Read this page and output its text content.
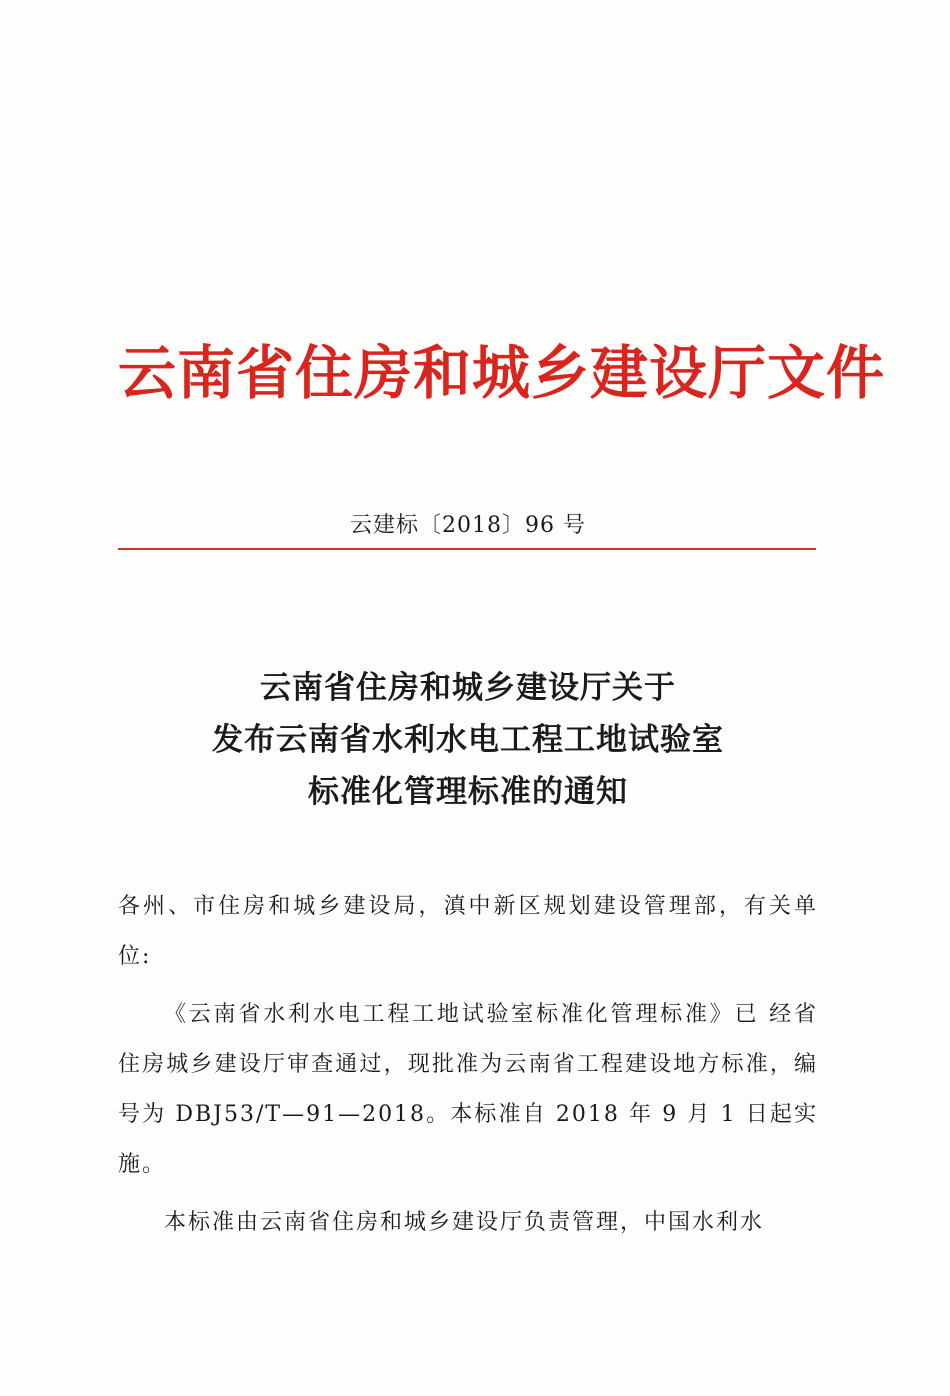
云南省住房和城乡建设厅文件
云建标〔2018〕96 号
云南省住房和城乡建设厅关于
发布云南省水利水电工程工地试验室
标准化管理标准的通知

各州、市住房和城乡建设局，滇中新区规划建设管理部，有关单位:

《云南省水利水电工程工地试验室标准化管理标准》已 经省住房城乡建设厅审查通过，现批准为云南省工程建设地方标准，编号为 DBJ53/T—91—2018。本标准自 2018 年 9 月 1 日起实施。

本标准由云南省住房和城乡建设厅负责管理，中国水利水
